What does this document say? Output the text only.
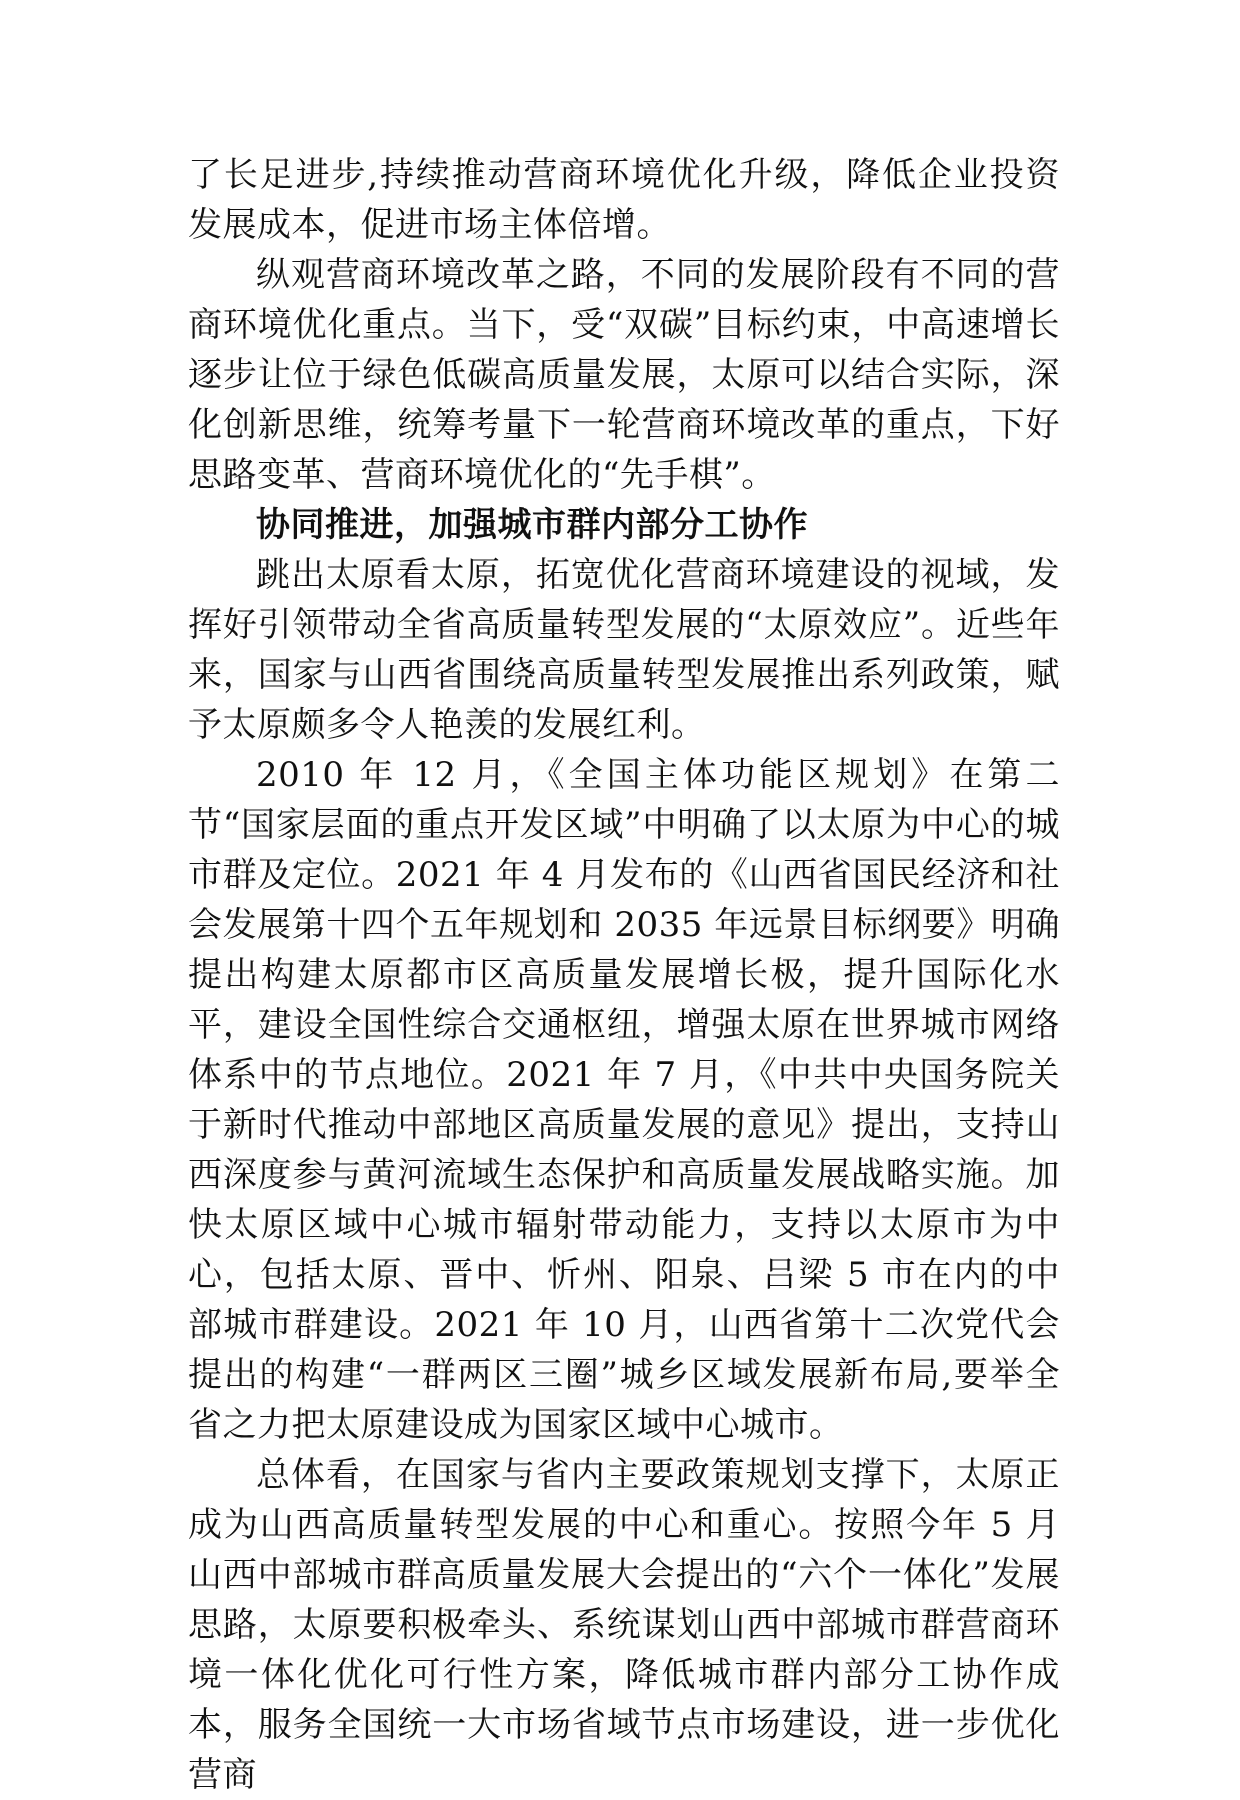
了长足进步,持续推动营商环境优化升级，降低企业投资发展成本，促进市场主体倍增。

纵观营商环境改革之路，不同的发展阶段有不同的营商环境优化重点。当下，受“双碳”目标约束，中高速增长逐步让位于绿色低碳高质量发展，太原可以结合实际，深化创新思维，统筹考量下一轮营商环境改革的重点，下好思路变革、营商环境优化的“先手棋”。

协同推进，加强城市群内部分工协作

跳出太原看太原，拓宽优化营商环境建设的视域，发挥好引领带动全省高质量转型发展的“太原效应”。近些年来，国家与山西省围绕高质量转型发展推出系列政策，赋予太原颇多令人艳羡的发展红利。

2010 年 12 月，《全国主体功能区规划》在第二节“国家层面的重点开发区域”中明确了以太原为中心的城市群及定位。2021 年 4 月发布的《山西省国民经济和社会发展第十四个五年规划和 2035 年远景目标纲要》明确提出构建太原都市区高质量发展增长极，提升国际化水平，建设全国性综合交通枢纽，增强太原在世界城市网络体系中的节点地位。2021 年 7 月，《中共中央国务院关于新时代推动中部地区高质量发展的意见》提出，支持山西深度参与黄河流域生态保护和高质量发展战略实施。加快太原区域中心城市辐射带动能力，支持以太原市为中心，包括太原、晋中、忻州、阳泉、吕梁 5 市在内的中部城市群建设。2021 年 10 月，山西省第十二次党代会提出的构建“一群两区三圈”城乡区域发展新布局,要举全省之力把太原建设成为国家区域中心城市。

总体看，在国家与省内主要政策规划支撑下，太原正成为山西高质量转型发展的中心和重心。按照今年 5 月山西中部城市群高质量发展大会提出的“六个一体化”发展思路，太原要积极牵头、系统谋划山西中部城市群营商环境一体化优化可行性方案，降低城市群内部分工协作成本，服务全国统一大市场省域节点市场建设，进一步优化营商
